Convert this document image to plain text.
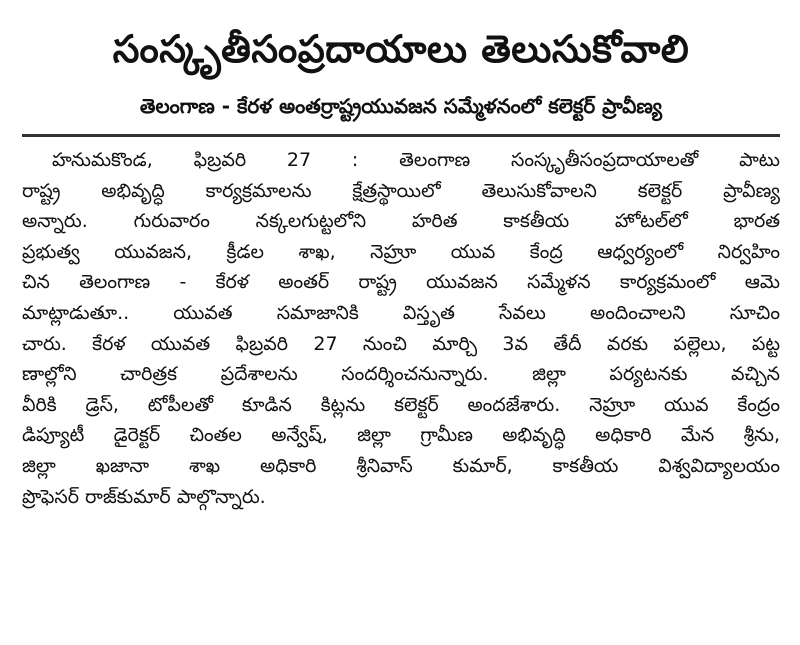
సంస్కృతీసంప్రదాయాలు తెలుసుకోవాలి
తెలంగాణ - కేరళ అంతర్రాష్ట్రయువజన సమ్మేళనంలో కలెక్టర్ ప్రావీణ్య
హనుమకొండ, ఫిబ్రవరి 27 : తెలంగాణ సంస్కృతీసంప్రదాయాలతో పాటు
రాష్ట్ర అభివృద్ధి కార్యక్రమాలను క్షేత్రస్థాయిలో తెలుసుకోవాలని కలెక్టర్ ప్రావీణ్య
అన్నారు. గురువారం నక్కలగుట్టలోని హరిత కాకతీయ హోటల్‌లో భారత
ప్రభుత్వ యువజన, క్రీడల శాఖ, నెహ్రూ యువ కేంద్ర ఆధ్వర్యంలో నిర్వహిం
చిన తెలంగాణ - కేరళ అంతర్ రాష్ట్ర యువజన సమ్మేళన కార్యక్రమంలో ఆమె
మాట్లాడుతూ.. యువత సమాజానికి విస్తృత సేవలు అందించాలని సూచిం
చారు. కేరళ యువత ఫిబ్రవరి 27 నుంచి మార్చి 3వ తేదీ వరకు పల్లెలు, పట్ట
ణాల్లోని చారిత్రక ప్రదేశాలను సందర్శించనున్నారు. జిల్లా పర్యటనకు వచ్చిన
వీరికి డ్రెస్, టోపీలతో కూడిన కిట్లను కలెక్టర్ అందజేశారు. నెహ్రూ యువ కేంద్రం
డిప్యూటీ డైరెక్టర్ చింతల అన్వేష్, జిల్లా గ్రామీణ అభివృద్ధి అధికారి మేన శ్రీను,
జిల్లా ఖజానా శాఖ అధికారి శ్రీనివాస్ కుమార్, కాకతీయ విశ్వవిద్యాలయం
ప్రొఫెసర్ రాజ్‌కుమార్ పాల్గొన్నారు.
